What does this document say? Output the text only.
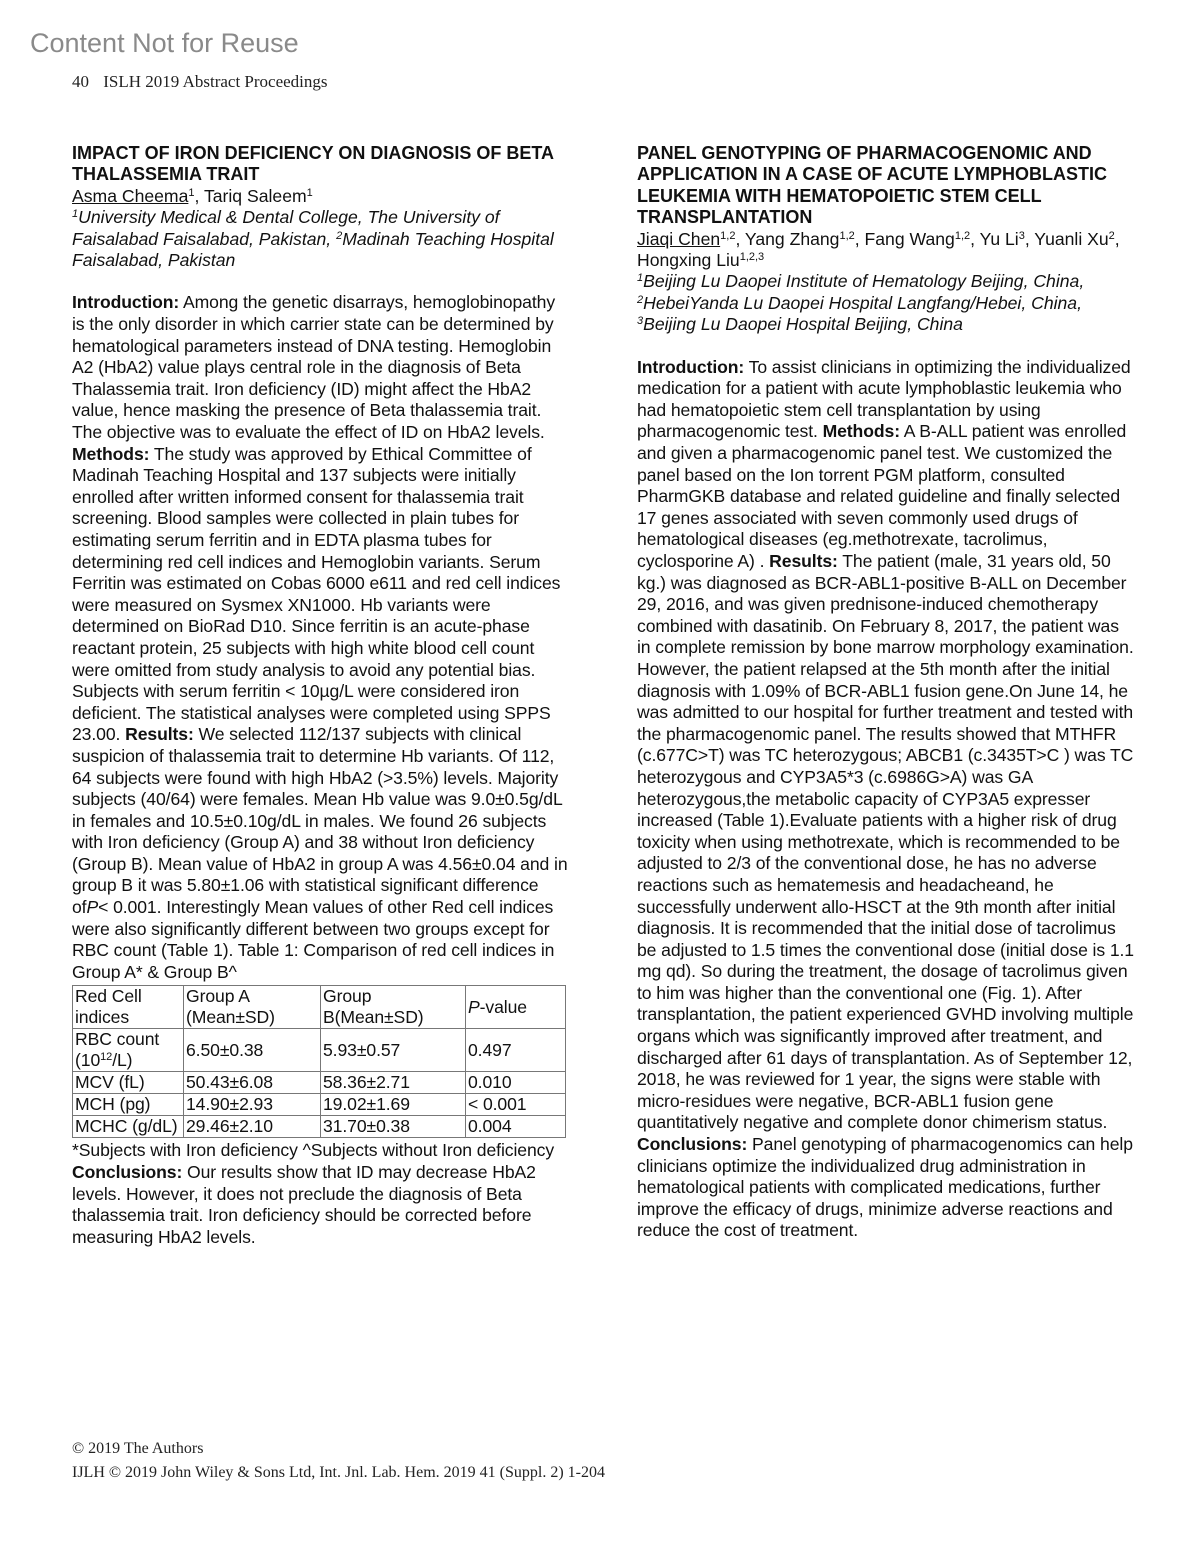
Content Not for Reuse
40 ISLH 2019 Abstract Proceedings
IMPACT OF IRON DEFICIENCY ON DIAGNOSIS OF BETA THALASSEMIA TRAIT
Asma Cheema$^1$, Tariq Saleem$^1$
$^1$University Medical & Dental College, The University of Faisalabad Faisalabad, Pakistan, $^2$Madinah Teaching Hospital Faisalabad, Pakistan

Introduction: Among the genetic disarrays, hemoglobinopathy is the only disorder in which carrier state can be determined by hematological parameters instead of DNA testing. Hemoglobin A2 (HbA2) value plays central role in the diagnosis of Beta Thalassemia trait. Iron deficiency (ID) might affect the HbA2 value, hence masking the presence of Beta thalassemia trait. The objective was to evaluate the effect of ID on HbA2 levels. Methods: The study was approved by Ethical Committee of Madinah Teaching Hospital and 137 subjects were initially enrolled after written informed consent for thalassemia trait screening. Blood samples were collected in plain tubes for estimating serum ferritin and in EDTA plasma tubes for determining red cell indices and Hemoglobin variants. Serum Ferritin was estimated on Cobas 6000 e611 and red cell indices were measured on Sysmex XN1000. Hb variants were determined on BioRad D10. Since ferritin is an acute-phase reactant protein, 25 subjects with high white blood cell count were omitted from study analysis to avoid any potential bias. Subjects with serum ferritin < 10µg/L were considered iron deficient. The statistical analyses were completed using SPPS 23.00. Results: We selected 112/137 subjects with clinical suspicion of thalassemia trait to determine Hb variants. Of 112, 64 subjects were found with high HbA2 (>3.5%) levels. Majority subjects (40/64) were females. Mean Hb value was 9.0±0.5g/dL in females and 10.5±0.10g/dL in males. We found 26 subjects with Iron deficiency (Group A) and 38 without Iron deficiency (Group B). Mean value of HbA2 in group A was 4.56±0.04 and in group B it was 5.80±1.06 with statistical significant difference ofP< 0.001. Interestingly Mean values of other Red cell indices were also significantly different between two groups except for RBC count (Table 1). Table 1: Comparison of red cell indices in Group A* & Group B^

Red Cell indices	Group A (Mean±SD)	Group B(Mean±SD)	P-value
RBC count $(10^{12}/L)$	6.50±0.38	5.93±0.57	0.497
MCV (fL)	50.43±6.08	58.36±2.71	0.010
MCH (pg)	14.90±2.93	19.02±1.69	< 0.001
MCHC (g/dL)	29.46±2.10	31.70±0.38	0.004

*Subjects with Iron deficiency ^Subjects without Iron deficiency Conclusions: Our results show that ID may decrease HbA2 levels. However, it does not preclude the diagnosis of Beta thalassemia trait. Iron deficiency should be corrected before measuring HbA2 levels.

PANEL GENOTYPING OF PHARMACOGENOMIC AND APPLICATION IN A CASE OF ACUTE LYMPHOBLASTIC LEUKEMIA WITH HEMATOPOIETIC STEM CELL TRANSPLANTATION
Jiaqi Chen$^{1,2}$, Yang Zhang$^{1,2}$, Fang Wang$^{1,2}$, Yu Li$^3$, Yuanli Xu$^2$, Hongxing Liu$^{1,2,3}$
$^1$Beijing Lu Daopei Institute of Hematology Beijing, China, $^2$HebeiYanda Lu Daopei Hospital Langfang/Hebei, China, $^3$Beijing Lu Daopei Hospital Beijing, China

Introduction: To assist clinicians in optimizing the individualized medication for a patient with acute lymphoblastic leukemia who had hematopoietic stem cell transplantation by using pharmacogenomic test. Methods: A B-ALL patient was enrolled and given a pharmacogenomic panel test. We customized the panel based on the Ion torrent PGM platform, consulted PharmGKB database and related guideline and finally selected 17 genes associated with seven commonly used drugs of hematological diseases (eg.methotrexate, tacrolimus, cyclosporine A) . Results: The patient (male, 31 years old, 50 kg.) was diagnosed as BCR-ABL1-positive B-ALL on December 29, 2016, and was given prednisone-induced chemotherapy combined with dasatinib. On February 8, 2017, the patient was in complete remission by bone marrow morphology examination. However, the patient relapsed at the 5th month after the initial diagnosis with 1.09% of BCR-ABL1 fusion gene.On June 14, he was admitted to our hospital for further treatment and tested with the pharmacogenomic panel. The results showed that MTHFR (c.677C>T) was TC heterozygous; ABCB1 (c.3435T>C ) was TC heterozygous and CYP3A5*3 (c.6986G>A) was GA heterozygous,the metabolic capacity of CYP3A5 expresser increased (Table 1).Evaluate patients with a higher risk of drug toxicity when using methotrexate, which is recommended to be adjusted to 2/3 of the conventional dose, he has no adverse reactions such as hematemesis and headacheand, he successfully underwent allo-HSCT at the 9th month after initial diagnosis. It is recommended that the initial dose of tacrolimus be adjusted to 1.5 times the conventional dose (initial dose is 1.1 mg qd). So during the treatment, the dosage of tacrolimus given to him was higher than the conventional one (Fig. 1). After transplantation, the patient experienced GVHD involving multiple organs which was significantly improved after treatment, and discharged after 61 days of transplantation. As of September 12, 2018, he was reviewed for 1 year, the signs were stable with micro-residues were negative, BCR-ABL1 fusion gene quantitatively negative and complete donor chimerism status. Conclusions: Panel genotyping of pharmacogenomics can help clinicians optimize the individualized drug administration in hematological patients with complicated medications, further improve the efficacy of drugs, minimize adverse reactions and reduce the cost of treatment.

© 2019 The Authors
IJLH © 2019 John Wiley & Sons Ltd, Int. Jnl. Lab. Hem. 2019 41 (Suppl. 2) 1-204
